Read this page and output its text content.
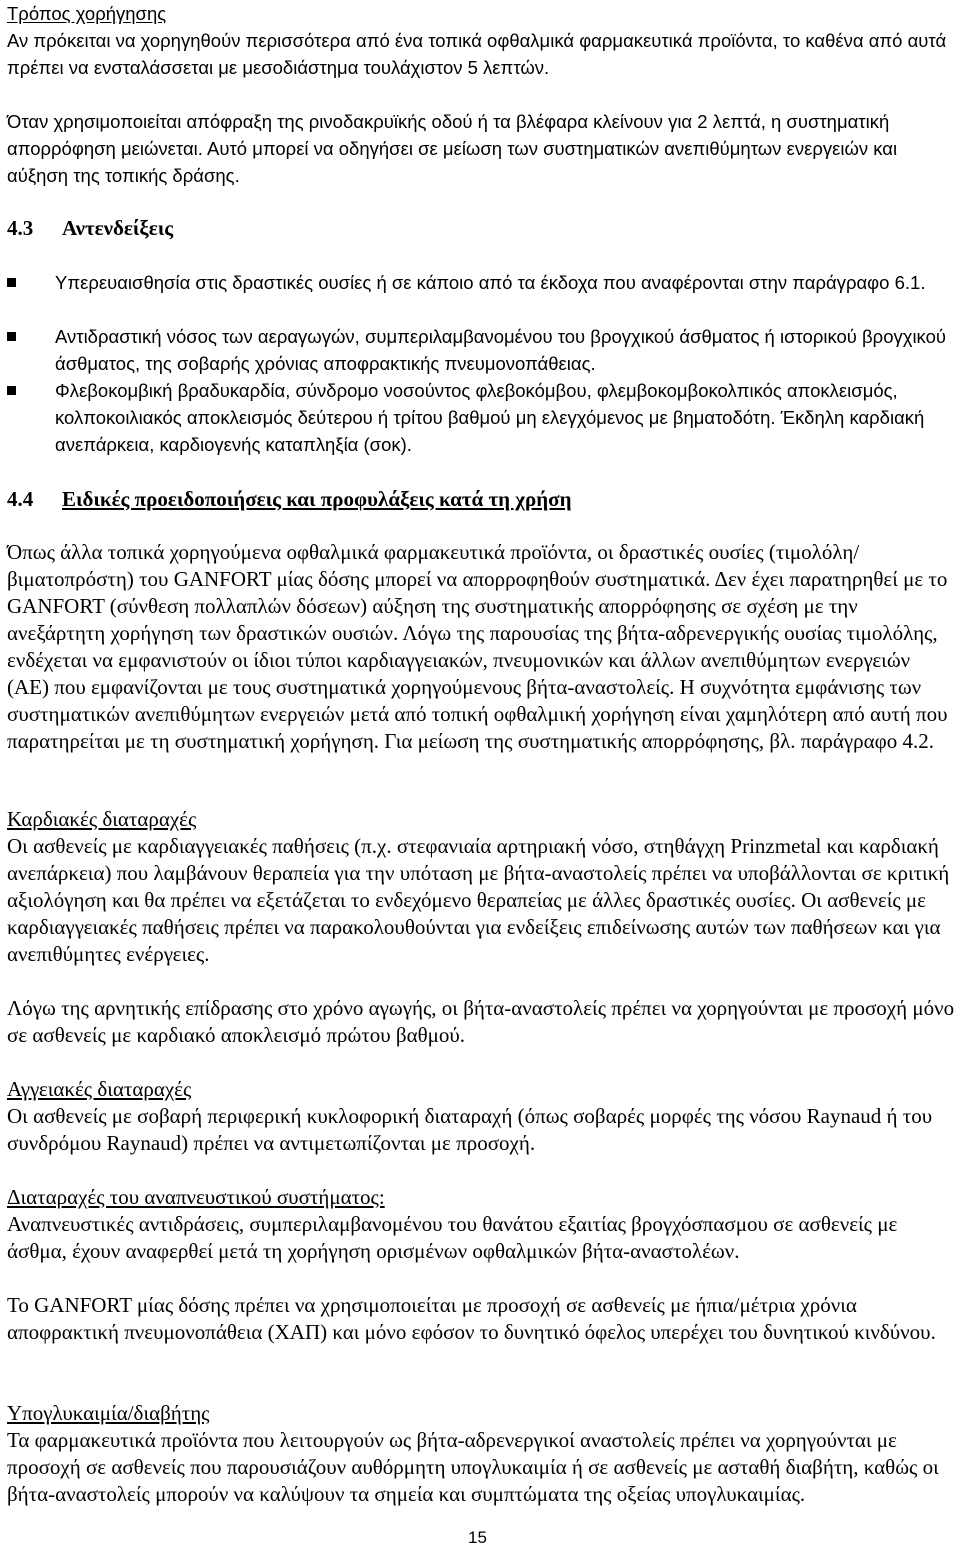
Τρόπος χορήγησης
Αν πρόκειται να χορηγηθούν περισσότερα από ένα τοπικά οφθαλμικά φαρμακευτικά προϊόντα, το καθένα από αυτά πρέπει να ενσταλάσσεται με μεσοδιάστημα τουλάχιστον 5 λεπτών.
Όταν χρησιμοποιείται απόφραξη της ρινοδακρυϊκής οδού ή τα βλέφαρα κλείνουν για 2 λεπτά, η συστηματική απορρόφηση μειώνεται. Αυτό μπορεί να οδηγήσει σε μείωση των συστηματικών ανεπιθύμητων ενεργειών και αύξηση της τοπικής δράσης.
4.3 Αντενδείξεις
Υπερευαισθησία στις δραστικές ουσίες ή σε κάποιο από τα έκδοχα που αναφέρονται στην παράγραφο 6.1.
Αντιδραστική νόσος των αεραγωγών, συμπεριλαμβανομένου του βρογχικού άσθματος ή ιστορικού βρογχικού άσθματος, της σοβαρής χρόνιας αποφρακτικής πνευμονοπάθειας.
Φλεβοκομβική βραδυκαρδία, σύνδρομο νοσούντος φλεβοκόμβου, φλεμβοκομβοκολπικός αποκλεισμός, κολποκοιλιακός αποκλεισμός δεύτερου ή τρίτου βαθμού μη ελεγχόμενος με βηματοδότη. Έκδηλη καρδιακή ανεπάρκεια, καρδιογενής καταπληξία (σοκ).
4.4 Ειδικές προειδοποιήσεις και προφυλάξεις κατά τη χρήση
Όπως άλλα τοπικά χορηγούμενα οφθαλμικά φαρμακευτικά προϊόντα, οι δραστικές ουσίες (τιμολόλη/βιματοπρόστη) του GANFORT μίας δόσης μπορεί να απορροφηθούν συστηματικά. Δεν έχει παρατηρηθεί με το GANFORT (σύνθεση πολλαπλών δόσεων) αύξηση της συστηματικής απορρόφησης σε σχέση με την ανεξάρτητη χορήγηση των δραστικών ουσιών. Λόγω της παρουσίας της βήτα-αδρενεργικής ουσίας τιμολόλης, ενδέχεται να εμφανιστούν οι ίδιοι τύποι καρδιαγγειακών, πνευμονικών και άλλων ανεπιθύμητων ενεργειών (ΑΕ) που εμφανίζονται με τους συστηματικά χορηγούμενους βήτα-αναστολείς. Η συχνότητα εμφάνισης των συστηματικών ανεπιθύμητων ενεργειών μετά από τοπική οφθαλμική χορήγηση είναι χαμηλότερη από αυτή που παρατηρείται με τη συστηματική χορήγηση. Για μείωση της συστηματικής απορρόφησης, βλ. παράγραφο 4.2.
Καρδιακές διαταραχές
Οι ασθενείς με καρδιαγγειακές παθήσεις (π.χ. στεφανιαία αρτηριακή νόσο, στηθάγχη Prinzmetal και καρδιακή ανεπάρκεια) που λαμβάνουν θεραπεία για την υπόταση με βήτα-αναστολείς πρέπει να υποβάλλονται σε κριτική αξιολόγηση και θα πρέπει να εξετάζεται το ενδεχόμενο θεραπείας με άλλες δραστικές ουσίες. Οι ασθενείς με καρδιαγγειακές παθήσεις πρέπει να παρακολουθούνται για ενδείξεις επιδείνωσης αυτών των παθήσεων και για ανεπιθύμητες ενέργειες.
Λόγω της αρνητικής επίδρασης στο χρόνο αγωγής, οι βήτα-αναστολείς πρέπει να χορηγούνται με προσοχή μόνο σε ασθενείς με καρδιακό αποκλεισμό πρώτου βαθμού.
Αγγειακές διαταραχές
Οι ασθενείς με σοβαρή περιφερική κυκλοφορική διαταραχή (όπως σοβαρές μορφές της νόσου Raynaud ή του συνδρόμου Raynaud) πρέπει να αντιμετωπίζονται με προσοχή.
Διαταραχές του αναπνευστικού συστήματος:
Αναπνευστικές αντιδράσεις, συμπεριλαμβανομένου του θανάτου εξαιτίας βρογχόσπασμου σε ασθενείς με άσθμα, έχουν αναφερθεί μετά τη χορήγηση ορισμένων οφθαλμικών βήτα-αναστολέων.
Το GANFORT μίας δόσης πρέπει να χρησιμοποιείται με προσοχή σε ασθενείς με ήπια/μέτρια χρόνια αποφρακτική πνευμονοπάθεια (ΧΑΠ) και μόνο εφόσον το δυνητικό όφελος υπερέχει του δυνητικού κινδύνου.
Υπογλυκαιμία/διαβήτης
Τα φαρμακευτικά προϊόντα που λειτουργούν ως βήτα-αδρενεργικοί αναστολείς πρέπει να χορηγούνται με προσοχή σε ασθενείς που παρουσιάζουν αυθόρμητη υπογλυκαιμία ή σε ασθενείς με ασταθή διαβήτη, καθώς οι βήτα-αναστολείς μπορούν να καλύψουν τα σημεία και συμπτώματα της οξείας υπογλυκαιμίας.
15
